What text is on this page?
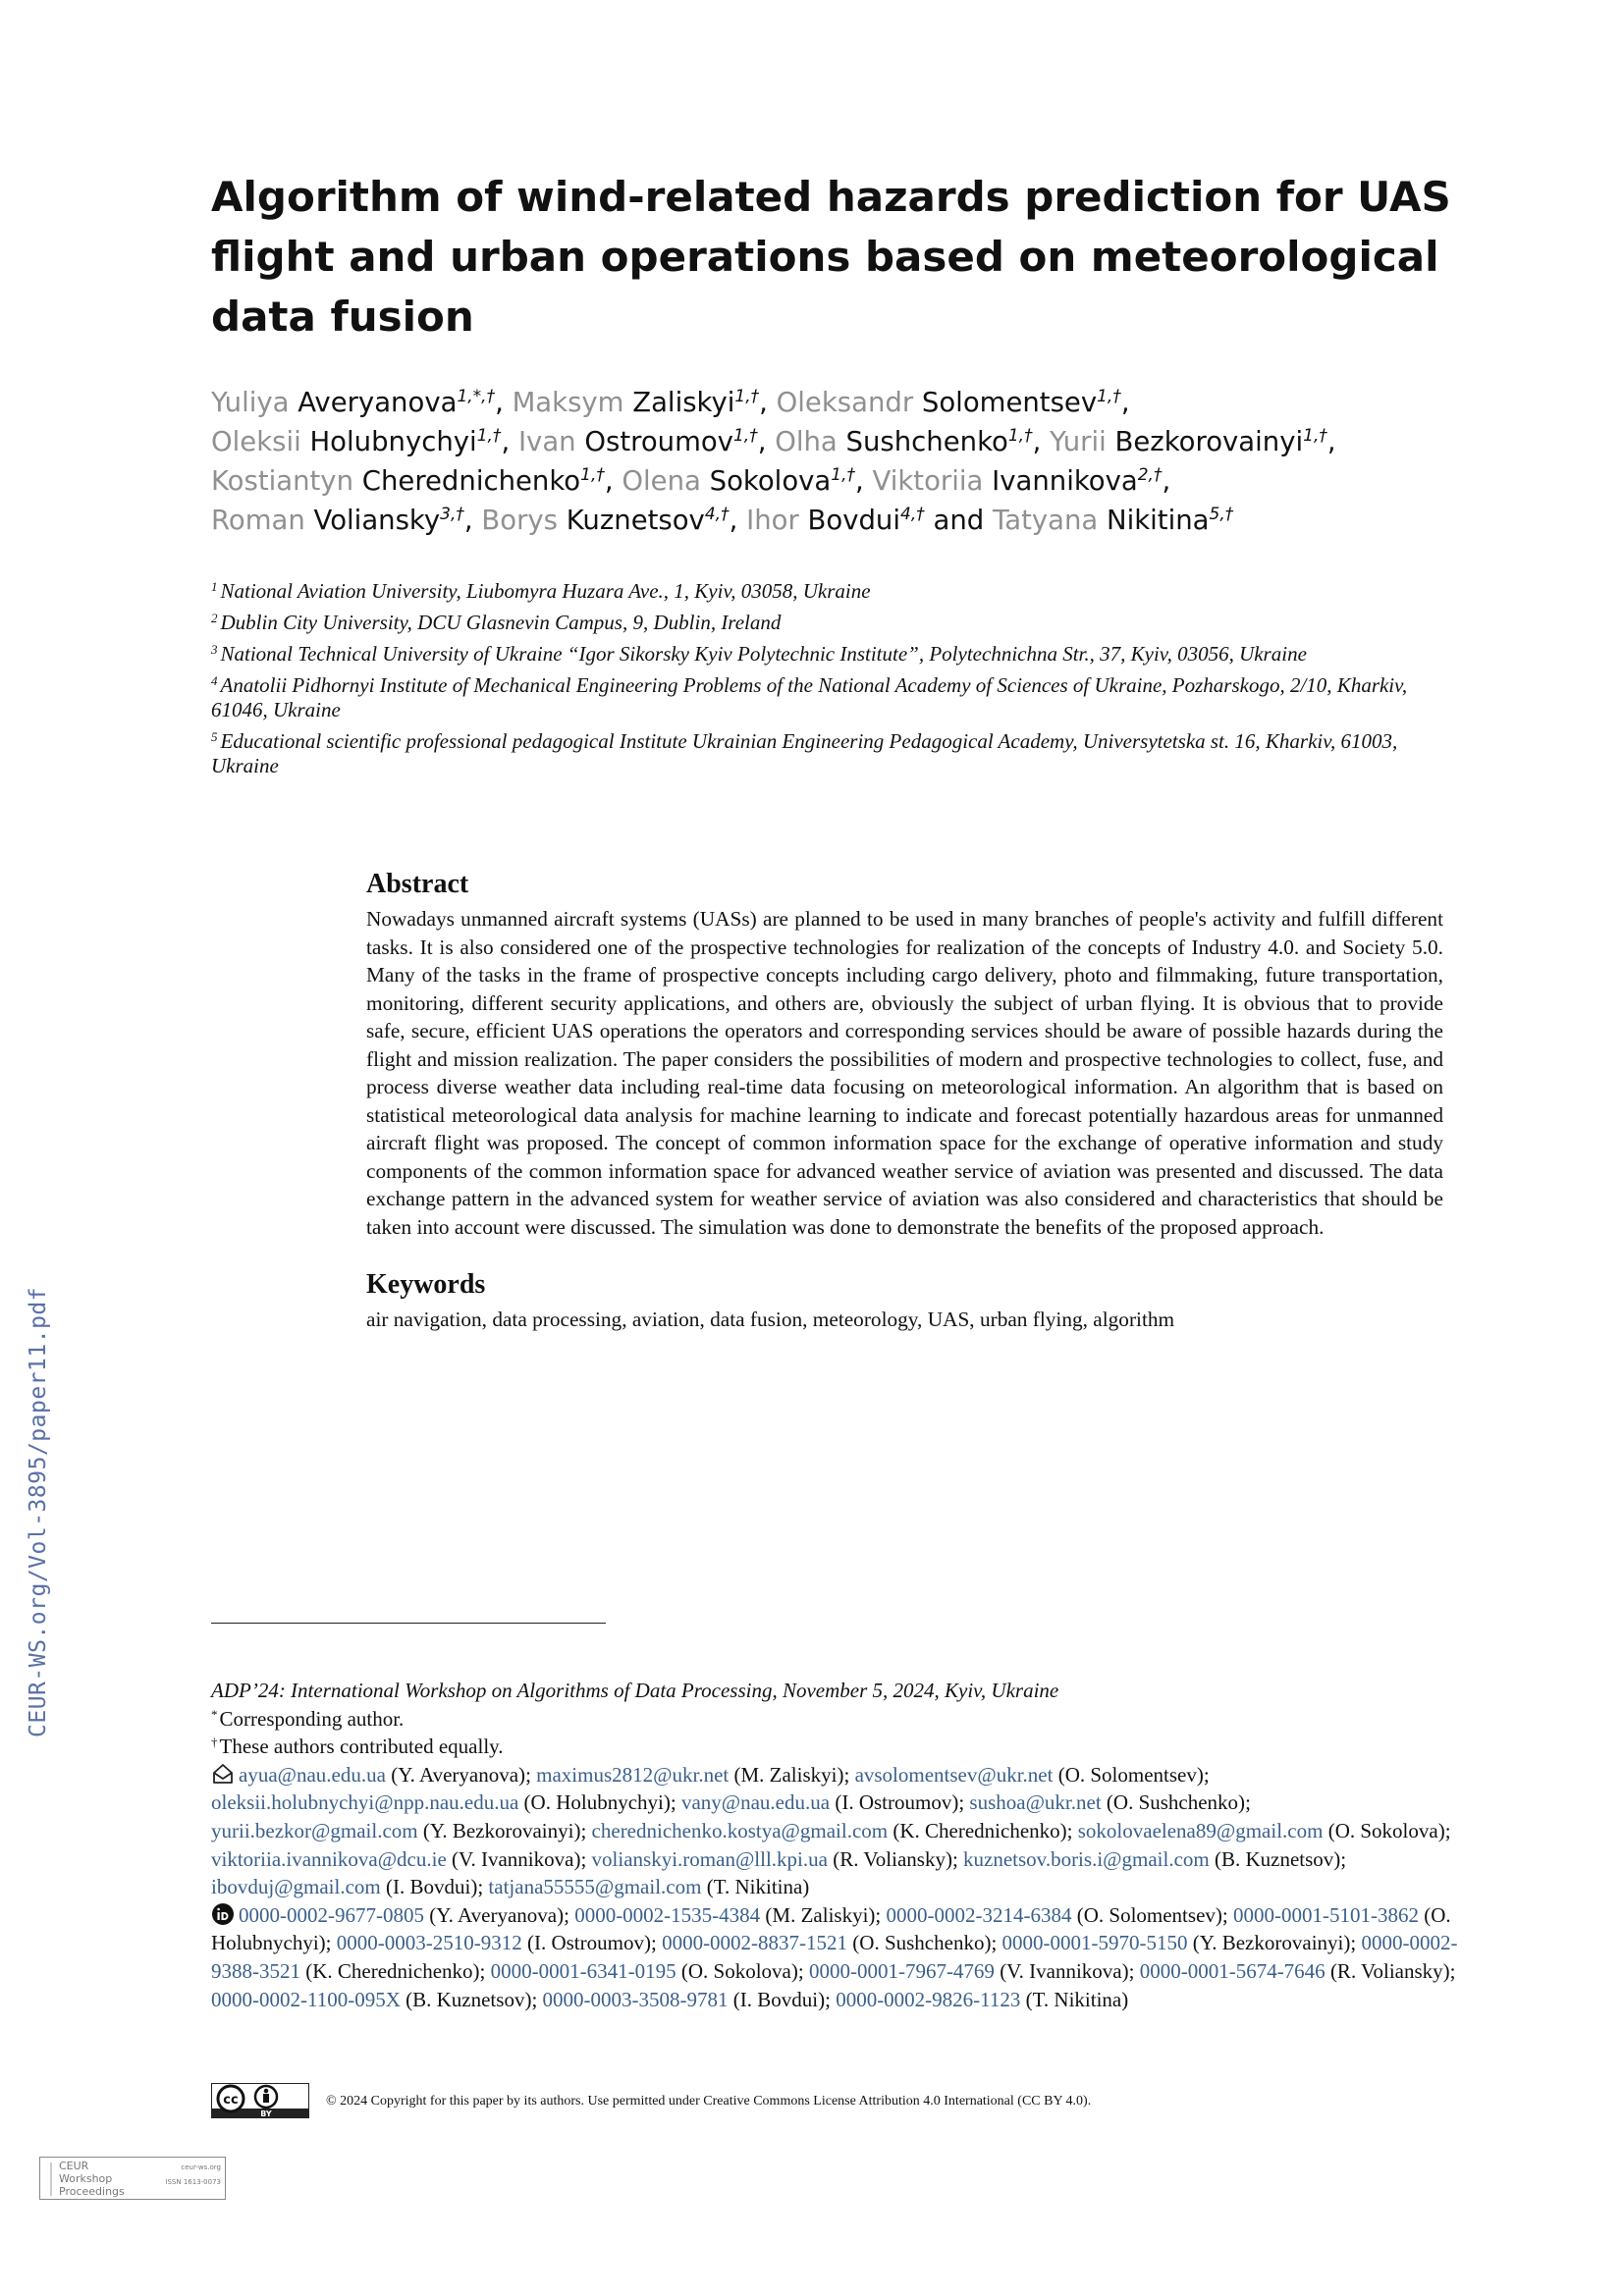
CEUR-WS.org/Vol-3895/paper11.pdf
Algorithm of wind-related hazards prediction for UAS flight and urban operations based on meteorological data fusion
Yuliya Averyanova$^{1,*,\dagger}$, Maksym Zaliskyi$^{1,\dagger}$, Oleksandr Solomentsev$^{1,\dagger}$,
Oleksii Holubnychyi$^{1,\dagger}$, Ivan Ostroumov$^{1,\dagger}$, Olha Sushchenko$^{1,\dagger}$, Yurii Bezkorovainyi$^{1,\dagger}$,
Kostiantyn Cherednichenko$^{1,\dagger}$, Olena Sokolova$^{1,\dagger}$, Viktoriia Ivannikova$^{2,\dagger}$,
Roman Voliansky$^{3,\dagger}$, Borys Kuznetsov$^{4,\dagger}$, Ihor Bovdui$^{4,\dagger}$ and Tatyana Nikitina$^{5,\dagger}$

$^1$ National Aviation University, Liubomyra Huzara Ave., 1, Kyiv, 03058, Ukraine

$^2$ Dublin City University, DCU Glasnevin Campus, 9, Dublin, Ireland

$^3$ National Technical University of Ukraine “Igor Sikorsky Kyiv Polytechnic Institute”, Polytechnichna Str., 37, Kyiv, 03056, Ukraine

$^4$ Anatolii Pidhornyi Institute of Mechanical Engineering Problems of the National Academy of Sciences of Ukraine, Pozharskogo, 2/10, Kharkiv, 61046, Ukraine

$^5$ Educational scientific professional pedagogical Institute Ukrainian Engineering Pedagogical Academy, Universytetska st. 16, Kharkiv, 61003, Ukraine

Abstract

Nowadays unmanned aircraft systems (UASs) are planned to be used in many branches of people's activity and fulfill different tasks. It is also considered one of the prospective technologies for realization of the concepts of Industry 4.0. and Society 5.0. Many of the tasks in the frame of prospective concepts including cargo delivery, photo and filmmaking, future transportation, monitoring, different security applications, and others are, obviously the subject of urban flying. It is obvious that to provide safe, secure, efficient UAS operations the operators and corresponding services should be aware of possible hazards during the flight and mission realization. The paper considers the possibilities of modern and prospective technologies to collect, fuse, and process diverse weather data including real-time data focusing on meteorological information. An algorithm that is based on statistical meteorological data analysis for machine learning to indicate and forecast potentially hazardous areas for unmanned aircraft flight was proposed. The concept of common information space for the exchange of operative information and study components of the common information space for advanced weather service of aviation was presented and discussed. The data exchange pattern in the advanced system for weather service of aviation was also considered and characteristics that should be taken into account were discussed. The simulation was done to demonstrate the benefits of the proposed approach.

Keywords

air navigation, data processing, aviation, data fusion, meteorology, UAS, urban flying, algorithm

ADP’24: International Workshop on Algorithms of Data Processing, November 5, 2024, Kyiv, Ukraine

*Corresponding author.

†These authors contributed equally.

ayua@nau.edu.ua (Y. Averyanova); maximus2812@ukr.net (M. Zaliskyi); avsolomentsev@ukr.net (O. Solomentsev); oleksii.holubnychyi@npp.nau.edu.ua (O. Holubnychyi); vany@nau.edu.ua (I. Ostroumov); sushoa@ukr.net (O. Sushchenko); yurii.bezkor@gmail.com (Y. Bezkorovainyi); cherednichenko.kostya@gmail.com (K. Cherednichenko); sokolovaelena89@gmail.com (O. Sokolova); viktoriia.ivannikova@dcu.ie (V. Ivannikova); volianskyi.roman@lll.kpi.ua (R. Voliansky); kuznetsov.boris.i@gmail.com (B. Kuznetsov); ibovduj@gmail.com (I. Bovdui); tatjana55555@gmail.com (T. Nikitina)

0000-0002-9677-0805 (Y. Averyanova); 0000-0002-1535-4384 (M. Zaliskyi); 0000-0002-3214-6384 (O. Solomentsev); 0000-0001-5101-3862 (O. Holubnychyi); 0000-0003-2510-9312 (I. Ostroumov); 0000-0002-8837-1521 (O. Sushchenko); 0000-0001-5970-5150 (Y. Bezkorovainyi); 0000-0002-9388-3521 (K. Cherednichenko); 0000-0001-6341-0195 (O. Sokolova); 0000-0001-7967-4769 (V. Ivannikova); 0000-0001-5674-7646 (R. Voliansky); 0000-0002-1100-095X (B. Kuznetsov); 0000-0003-3508-9781 (I. Bovdui); 0000-0002-9826-1123 (T. Nikitina)

cc
BY
© 2024 Copyright for this paper by its authors. Use permitted under Creative Commons License Attribution 4.0 International (CC BY 4.0).
CEUR
Workshop
Proceedings
ceur-ws.org
ISSN 1613-0073
